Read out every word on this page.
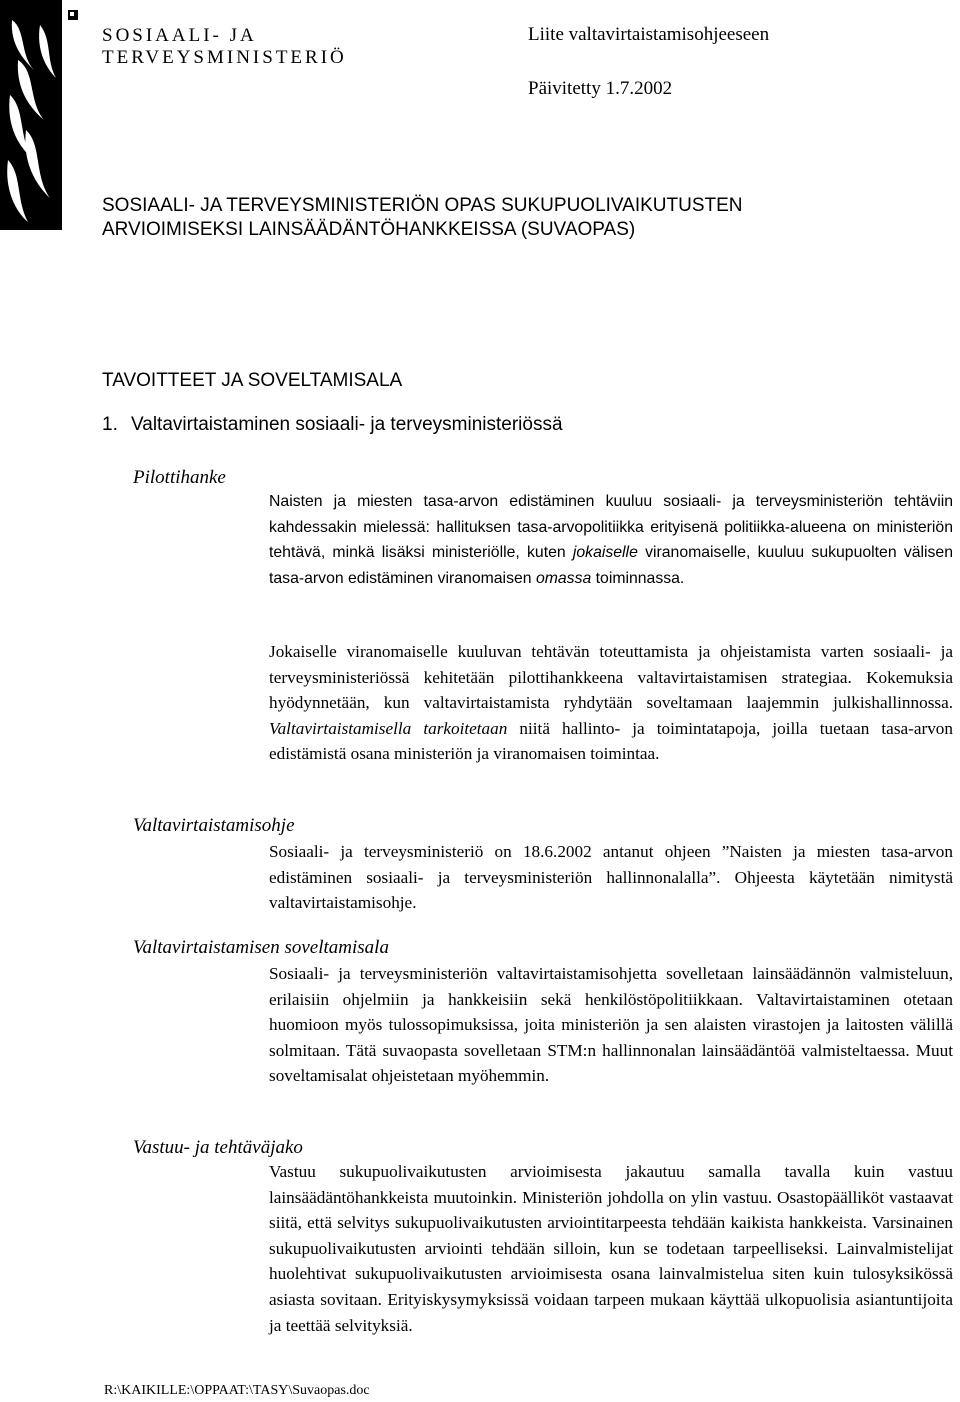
SOSIAALI- JA
TERVEYSMINISTERIÖ
Liite valtavirtaistamisohjeeseen
Päivitetty 1.7.2002
SOSIAALI- JA TERVEYSMINISTERIÖN OPAS SUKUPUOLIVAIKUTUSTEN
ARVIOIMISEKSI LAINSÄÄDÄNTÖHANKKEISSA (SUVAOPAS)
TAVOITTEET JA SOVELTAMISALA
1. Valtavirtaistaminen sosiaali- ja terveysministeriössä
Pilottihanke

Naisten ja miesten tasa-arvon edistäminen kuuluu sosiaali- ja terveysministeriön tehtäviin kahdessakin mielessä: hallituksen tasa-arvopolitiikka erityisenä politiikka-alueena on ministeriön tehtävä, minkä lisäksi ministeriölle, kuten jokaiselle viranomaiselle, kuuluu sukupuolten välisen tasa-arvon edistäminen viranomaisen omassa toiminnassa.

Jokaiselle viranomaiselle kuuluvan tehtävän toteuttamista ja ohjeistamista varten sosiaali- ja terveysministeriössä kehitetään pilottihankkeena valtavirtaistamisen strategiaa. Kokemuksia hyödynnetään, kun valtavirtaistamista ryhdytään soveltamaan laajemmin julkishallinnossa. Valtavirtaistamisella tarkoitetaan niitä hallinto- ja toimintatapoja, joilla tuetaan tasa-arvon edistämistä osana ministeriön ja viranomaisen toimintaa.

Valtavirtaistamisohje

Sosiaali- ja terveysministeriö on 18.6.2002 antanut ohjeen ”Naisten ja miesten tasa-arvon edistäminen sosiaali- ja terveysministeriön hallinnonalalla”. Ohjeesta käytetään nimitystä valtavirtaistamisohje.

Valtavirtaistamisen soveltamisala

Sosiaali- ja terveysministeriön valtavirtaistamisohjetta sovelletaan lainsäädännön valmisteluun, erilaisiin ohjelmiin ja hankkeisiin sekä henkilöstöpolitiikkaan. Valtavirtaistaminen otetaan huomioon myös tulossopimuksissa, joita ministeriön ja sen alaisten virastojen ja laitosten välillä solmitaan. Tätä suvaopasta sovelletaan STM:n hallinnonalan lainsäädäntöä valmisteltaessa. Muut soveltamisalat ohjeistetaan myöhemmin.

Vastuu- ja tehtäväjako

Vastuu sukupuolivaikutusten arvioimisesta jakautuu samalla tavalla kuin vastuu lainsäädäntöhankkeista muutoinkin. Ministeriön johdolla on ylin vastuu. Osastopäälliköt vastaavat siitä, että selvitys sukupuolivaikutusten arviointitarpeesta tehdään kaikista hankkeista. Varsinainen sukupuolivaikutusten arviointi tehdään silloin, kun se todetaan tarpeelliseksi. Lainvalmistelijat huolehtivat sukupuolivaikutusten arvioimisesta osana lainvalmistelua siten kuin tulosyksikössä asiasta sovitaan. Erityiskysymyksissä voidaan tarpeen mukaan käyttää ulkopuolisia asiantuntijoita ja teettää selvityksiä.

R:\KAIKILLE:\OPPAAT:\TASY\Suvaopas.doc
